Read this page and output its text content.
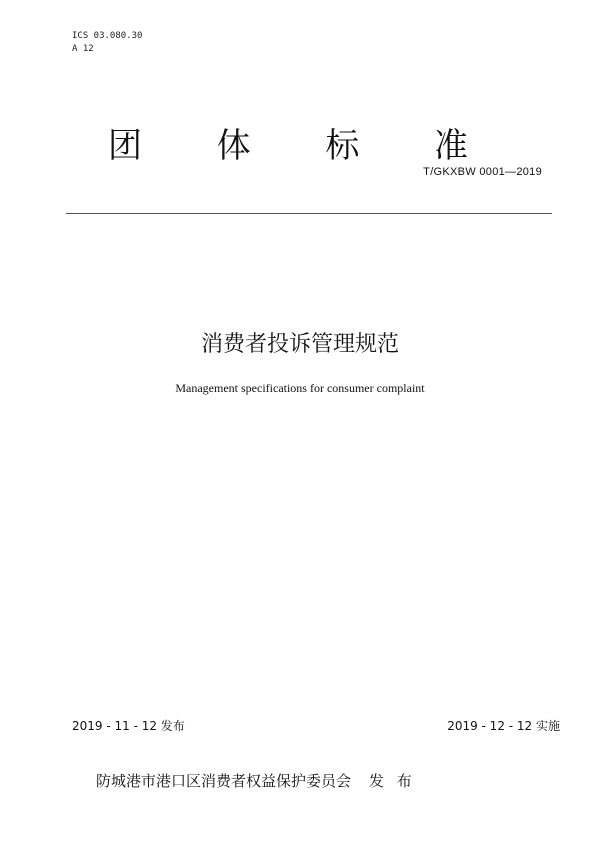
ICS 03.080.30
A 12
团 体 标 准
T/GKXBW 0001—2019
消费者投诉管理规范
Management specifications for consumer complaint
2019 - 11 - 12 发布	2019 - 12 - 12 实施
防城港市港口区消费者权益保护委员会 发 布
